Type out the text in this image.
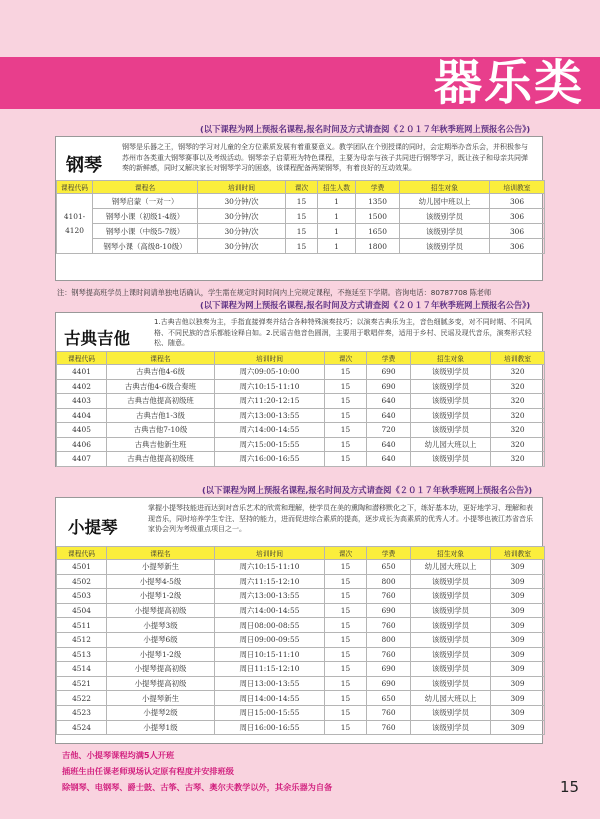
器乐类
(以下课程为网上预报名课程,报名时间及方式请查阅《２０１７年秋季班网上预报名公告》)
钢琴
钢琴是乐器之王，钢琴的学习对儿童的全方位素质发展有着重要意义。教学团队在个别授课的同时，会定期举办音乐会，并积极参与苏州市各类重大钢琴赛事以及考级活动。钢琴亲子启蒙班为特色课程，主要为母亲与孩子共同进行钢琴学习，既让孩子和母亲共同弹奏的新鲜感，同时又解决家长对钢琴学习的困惑，该课程配备两架钢琴，有着良好的互动效果。
课程代码	课程名	培训时间	课次	招生人数	学费	招生对象	培训教室
4101-
4120	钢琴启蒙（一对一）	30分钟/次	15	1	1350	幼儿园中班以上	306
	钢琴小课（初级1-4级）	30分钟/次	15	1	1500	该级别学员	306
	钢琴小课（中级5-7级）	30分钟/次	15	1	1650	该级别学员	306
	钢琴小课（高级8-10级）	30分钟/次	15	1	1800	该级别学员	306
注：钢琴提高班学员上课时间请单独电话确认，学生需在规定时间时间内上完规定课程，不拖延至下学期。咨询电话：80787708 陈老师
(以下课程为网上预报名课程,报名时间及方式请查阅《２０１７年秋季班网上预报名公告》)
古典吉他
1.古典吉他以独奏为主，手指直接弹奏并结合各种特殊演奏技巧；以演奏古典乐为主，音色细腻多变，对不同时期、不同风格、不同民族的音乐都能诠释自如。2.民谣吉他音色圆润，主要用于歌唱伴奏，适用于乡村、民谣及现代音乐，演奏形式轻松、随意。
课程代码	课程名	培训时间	课次	学费	招生对象	培训教室
4401	古典吉他4-6级	周六09:05-10:00	15	690	该级别学员	320
4402	古典吉他4-6级合奏班	周六10:15-11:10	15	690	该级别学员	320
4403	古典吉他提高初级班	周六11:20-12:15	15	640	该级别学员	320
4404	古典吉他1-3级	周六13:00-13:55	15	640	该级别学员	320
4405	古典吉他7-10级	周六14:00-14:55	15	720	该级别学员	320
4406	古典吉他新生班	周六15:00-15:55	15	640	幼儿园大班以上	320
4407	古典吉他提高初级班	周六16:00-16:55	15	640	该级别学员	320
(以下课程为网上预报名课程,报名时间及方式请查阅《２０１７年秋季班网上预报名公告》)
小提琴
掌握小提琴技能进而达到对音乐艺术的欣赏和理解，使学员在美的熏陶和潜移默化之下，练好基本功，更好地学习、理解和表现音乐，同时培养学生专注、坚持的能力，进而促进综合素质的提高，逐步成长为高素质的优秀人才。小提琴也被江苏省音乐家协会列为考级重点项目之一。
课程代码	课程名	培训时间	课次	学费	招生对象	培训教室
4501	小提琴新生	周六10:15-11:10	15	650	幼儿园大班以上	309
4502	小提琴4-5级	周六11:15-12:10	15	800	该级别学员	309
4503	小提琴1-2级	周六13:00-13:55	15	760	该级别学员	309
4504	小提琴提高初级	周六14:00-14:55	15	690	该级别学员	309
4511	小提琴3级	周日08:00-08:55	15	760	该级别学员	309
4512	小提琴6级	周日09:00-09:55	15	800	该级别学员	309
4513	小提琴1-2级	周日10:15-11:10	15	760	该级别学员	309
4514	小提琴提高初级	周日11:15-12:10	15	690	该级别学员	309
4521	小提琴提高初级	周日13:00-13:55	15	690	该级别学员	309
4522	小提琴新生	周日14:00-14:55	15	650	幼儿园大班以上	309
4523	小提琴2级	周日15:00-15:55	15	760	该级别学员	309
4524	小提琴1级	周日16:00-16:55	15	760	该级别学员	309
吉他、小提琴课程均满5人开班
插班生由任课老师现场认定原有程度并安排班级
除钢琴、电钢琴、爵士鼓、古筝、古琴、奥尔夫教学以外，其余乐器为自备	15
